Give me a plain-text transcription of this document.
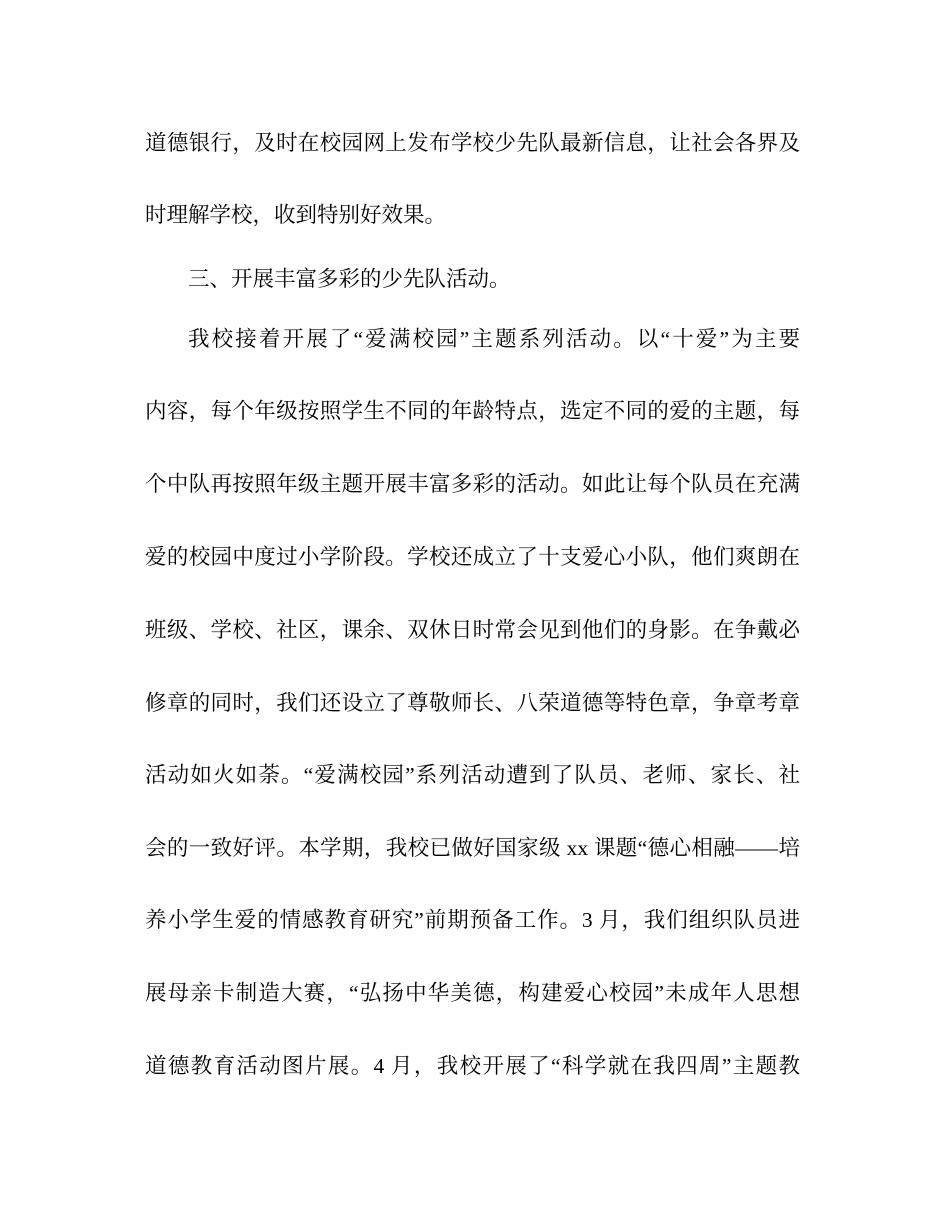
道德银行，及时在校园网上发布学校少先队最新信息，让社会各界及
时理解学校，收到特别好效果。
三、开展丰富多彩的少先队活动。
我校接着开展了“爱满校园”主题系列活动。以“十爱”为主要
内容，每个年级按照学生不同的年龄特点，选定不同的爱的主题，每
个中队再按照年级主题开展丰富多彩的活动。如此让每个队员在充满
爱的校园中度过小学阶段。学校还成立了十支爱心小队，他们爽朗在
班级、学校、社区，课余、双休日时常会见到他们的身影。在争戴必
修章的同时，我们还设立了尊敬师长、八荣道德等特色章，争章考章
活动如火如荼。“爱满校园”系列活动遭到了队员、老师、家长、社
会的一致好评。本学期，我校已做好国家级 xx 课题“德心相融——培
养小学生爱的情感教育研究”前期预备工作。3 月，我们组织队员进
展母亲卡制造大赛，“弘扬中华美德，构建爱心校园”未成年人思想
道德教育活动图片展。4 月，我校开展了“科学就在我四周”主题教
